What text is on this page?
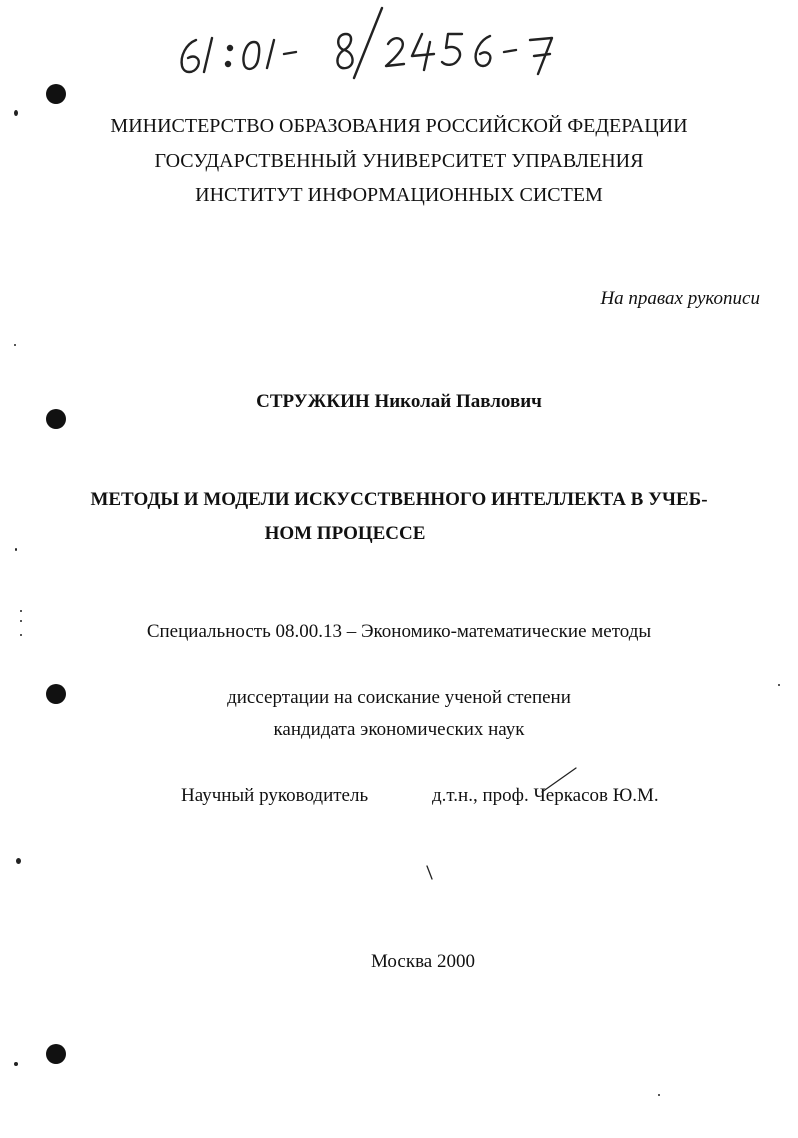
МИНИСТЕРСТВО ОБРАЗОВАНИЯ РОССИЙСКОЙ ФЕДЕРАЦИИ
ГОСУДАРСТВЕННЫЙ УНИВЕРСИТЕТ УПРАВЛЕНИЯ
ИНСТИТУТ ИНФОРМАЦИОННЫХ СИСТЕМ
На правах рукописи
СТРУЖКИН Николай Павлович
МЕТОДЫ И МОДЕЛИ ИСКУССТВЕННОГО ИНТЕЛЛЕКТА В УЧЕБ-
НОМ ПРОЦЕССЕ
Специальность 08.00.13 – Экономико-математические методы
диссертации на соискание ученой степени
кандидата экономических наук
Научный руководитель	д.т.н., проф. Черкасов Ю.М.
Москва 2000
